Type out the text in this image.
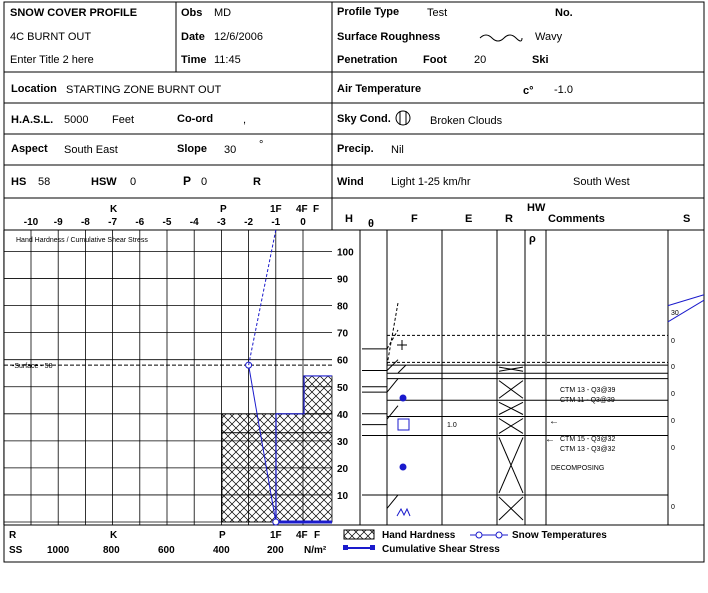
SNOW COVER PROFILE
4C BURNT OUT
Enter Title 2 here
Obs MD
Date 12/6/2006
Time 11:45
Profile Type	Test	No.
Surface Roughness	Wavy
Penetration Foot 20	Ski
Location STARTING ZONE BURNT OUT	Air Temperature	c° -1.0
H.A.S.L. 5000 Feet	Co-ord	,	Sky Cond.	Broken Clouds
Aspect South East	Slope 30 °	Precip. Nil
HS 58	HSW 0	P 0	R	Wind Light 1-25 km/hr	South West
K	P	1F 4F F
-10 -9 -8 -7 -6 -5 -4 -3 -2 -1 0
Hand Hardness / Cumulative Shear Stress
H θ	F	E	R
HW
ρ
Comments	S
100
90
80
70
60
50
40
30
20
10
-Surface - 58
1.0
CTM 13 - Q3@39
CTM 11 - Q3@39
CTM 15 - Q3@32
CTM 13 - Q3@32
DECOMPOSING
←
←
30
0
0
0
0
0
0
R
SS
K	P	1F 4F F
1000	800	600	400	200 N/m²
Hand Hardness	Snow Temperatures
Cumulative Shear Stress
